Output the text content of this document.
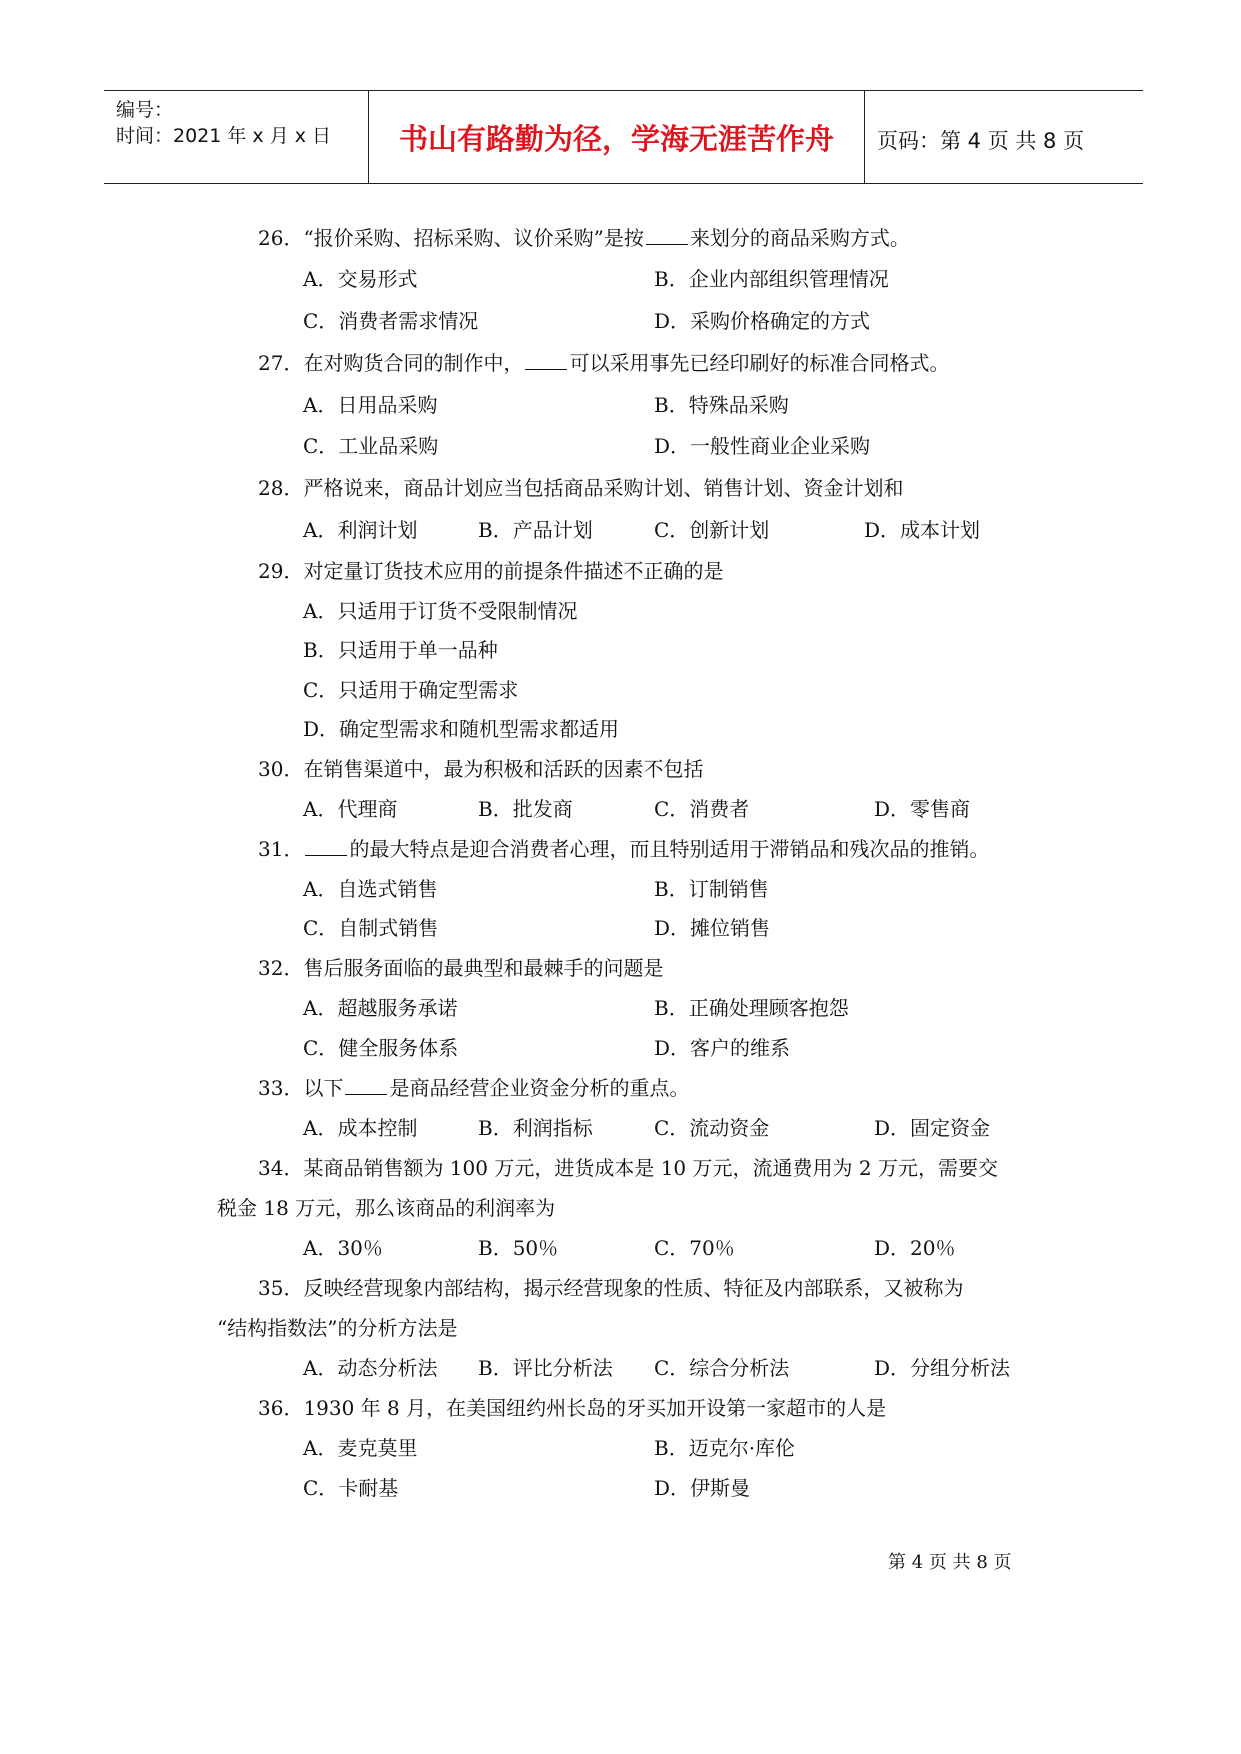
编号：
时间：2021 年 x 月 x 日	书山有路勤为径，学海无涯苦作舟	页码：第 4 页 共 8 页
26．“报价采购、招标采购、议价采购”是按 来划分的商品采购方式。
A．交易形式	B．企业内部组织管理情况
C．消费者需求情况	D．采购价格确定的方式
27．在对购货合同的制作中， 可以采用事先已经印刷好的标准合同格式。
A．日用品采购	B．特殊品采购
C．工业品采购	D．一般性商业企业采购
28．严格说来，商品计划应当包括商品采购计划、销售计划、资金计划和
A．利润计划	B．产品计划	C．创新计划	D．成本计划
29．对定量订货技术应用的前提条件描述不正确的是
A．只适用于订货不受限制情况
B．只适用于单一品种
C．只适用于确定型需求
D．确定型需求和随机型需求都适用
30．在销售渠道中，最为积极和活跃的因素不包括
A．代理商	B．批发商	C．消费者	D．零售商
31． 的最大特点是迎合消费者心理，而且特别适用于滞销品和残次品的推销。
A．自选式销售	B．订制销售
C．自制式销售	D．摊位销售
32．售后服务面临的最典型和最棘手的问题是
A．超越服务承诺	B．正确处理顾客抱怨
C．健全服务体系	D．客户的维系
33．以下 是商品经营企业资金分析的重点。
A．成本控制	B．利润指标	C．流动资金	D．固定资金
34．某商品销售额为 100 万元，进货成本是 10 万元，流通费用为 2 万元，需要交
税金 18 万元，那么该商品的利润率为
A．30％	B．50％	C．70％	D．20％
35．反映经营现象内部结构，揭示经营现象的性质、特征及内部联系，又被称为
“结构指数法”的分析方法是
A．动态分析法 B．评比分析法 C．综合分析法	D．分组分析法
36．1930 年 8 月，在美国纽约州长岛的牙买加开设第一家超市的人是
A．麦克莫里	B．迈克尔·库伦
C．卡耐基	D．伊斯曼
第 4 页 共 8 页
